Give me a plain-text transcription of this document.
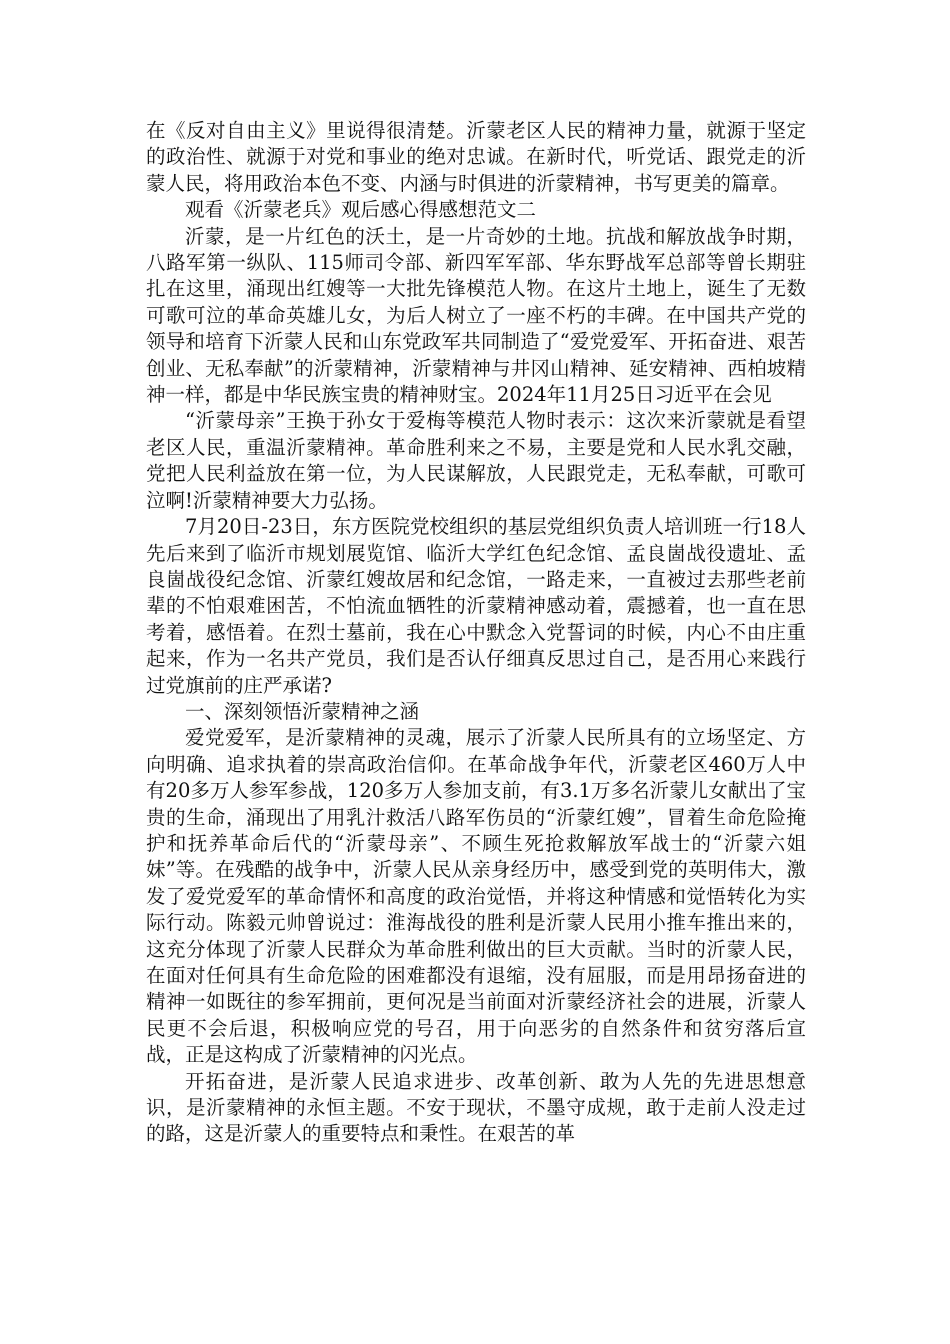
在《反对自由主义》里说得很清楚。沂蒙老区人民的精神力量，就源于坚定的政治性、就源于对党和事业的绝对忠诚。在新时代，听党话、跟党走的沂蒙人民，将用政治本色不变、内涵与时俱进的沂蒙精神，书写更美的篇章。

观看《沂蒙老兵》观后感心得感想范文二

沂蒙，是一片红色的沃土，是一片奇妙的土地。抗战和解放战争时期，八路军第一纵队、115师司令部、新四军军部、华东野战军总部等曾长期驻扎在这里，涌现出红嫂等一大批先锋模范人物。在这片土地上，诞生了无数可歌可泣的革命英雄儿女，为后人树立了一座不朽的丰碑。在中国共产党的领导和培育下沂蒙人民和山东党政军共同制造了“爱党爱军、开拓奋进、艰苦创业、无私奉献”的沂蒙精神，沂蒙精神与井冈山精神、延安精神、西柏坡精神一样，都是中华民族宝贵的精神财宝。2024年11月25日习近平在会见

“沂蒙母亲”王换于孙女于爱梅等模范人物时表示：这次来沂蒙就是看望老区人民，重温沂蒙精神。革命胜利来之不易，主要是党和人民水乳交融，党把人民利益放在第一位，为人民谋解放，人民跟党走，无私奉献，可歌可泣啊!沂蒙精神要大力弘扬。

7月20日-23日，东方医院党校组织的基层党组织负责人培训班一行18人先后来到了临沂市规划展览馆、临沂大学红色纪念馆、孟良崮战役遗址、孟良崮战役纪念馆、沂蒙红嫂故居和纪念馆，一路走来，一直被过去那些老前辈的不怕艰难困苦，不怕流血牺牲的沂蒙精神感动着，震撼着，也一直在思考着，感悟着。在烈士墓前，我在心中默念入党誓词的时候，内心不由庄重起来，作为一名共产党员，我们是否认仔细真反思过自己，是否用心来践行过党旗前的庄严承诺?

一、深刻领悟沂蒙精神之涵

爱党爱军，是沂蒙精神的灵魂，展示了沂蒙人民所具有的立场坚定、方向明确、追求执着的崇高政治信仰。在革命战争年代，沂蒙老区460万人中有20多万人参军参战，120多万人参加支前，有3.1万多名沂蒙儿女献出了宝贵的生命，涌现出了用乳汁救活八路军伤员的“沂蒙红嫂”，冒着生命危险掩护和抚养革命后代的“沂蒙母亲”、不顾生死抢救解放军战士的“沂蒙六姐妹”等。在残酷的战争中，沂蒙人民从亲身经历中，感受到党的英明伟大，激发了爱党爱军的革命情怀和高度的政治觉悟，并将这种情感和觉悟转化为实际行动。陈毅元帅曾说过：淮海战役的胜利是沂蒙人民用小推车推出来的，这充分体现了沂蒙人民群众为革命胜利做出的巨大贡献。当时的沂蒙人民，在面对任何具有生命危险的困难都没有退缩，没有屈服，而是用昂扬奋进的精神一如既往的参军拥前，更何况是当前面对沂蒙经济社会的进展，沂蒙人民更不会后退，积极响应党的号召，用于向恶劣的自然条件和贫穷落后宣战，正是这构成了沂蒙精神的闪光点。

开拓奋进，是沂蒙人民追求进步、改革创新、敢为人先的先进思想意识，是沂蒙精神的永恒主题。不安于现状，不墨守成规，敢于走前人没走过的路，这是沂蒙人的重要特点和秉性。在艰苦的革
